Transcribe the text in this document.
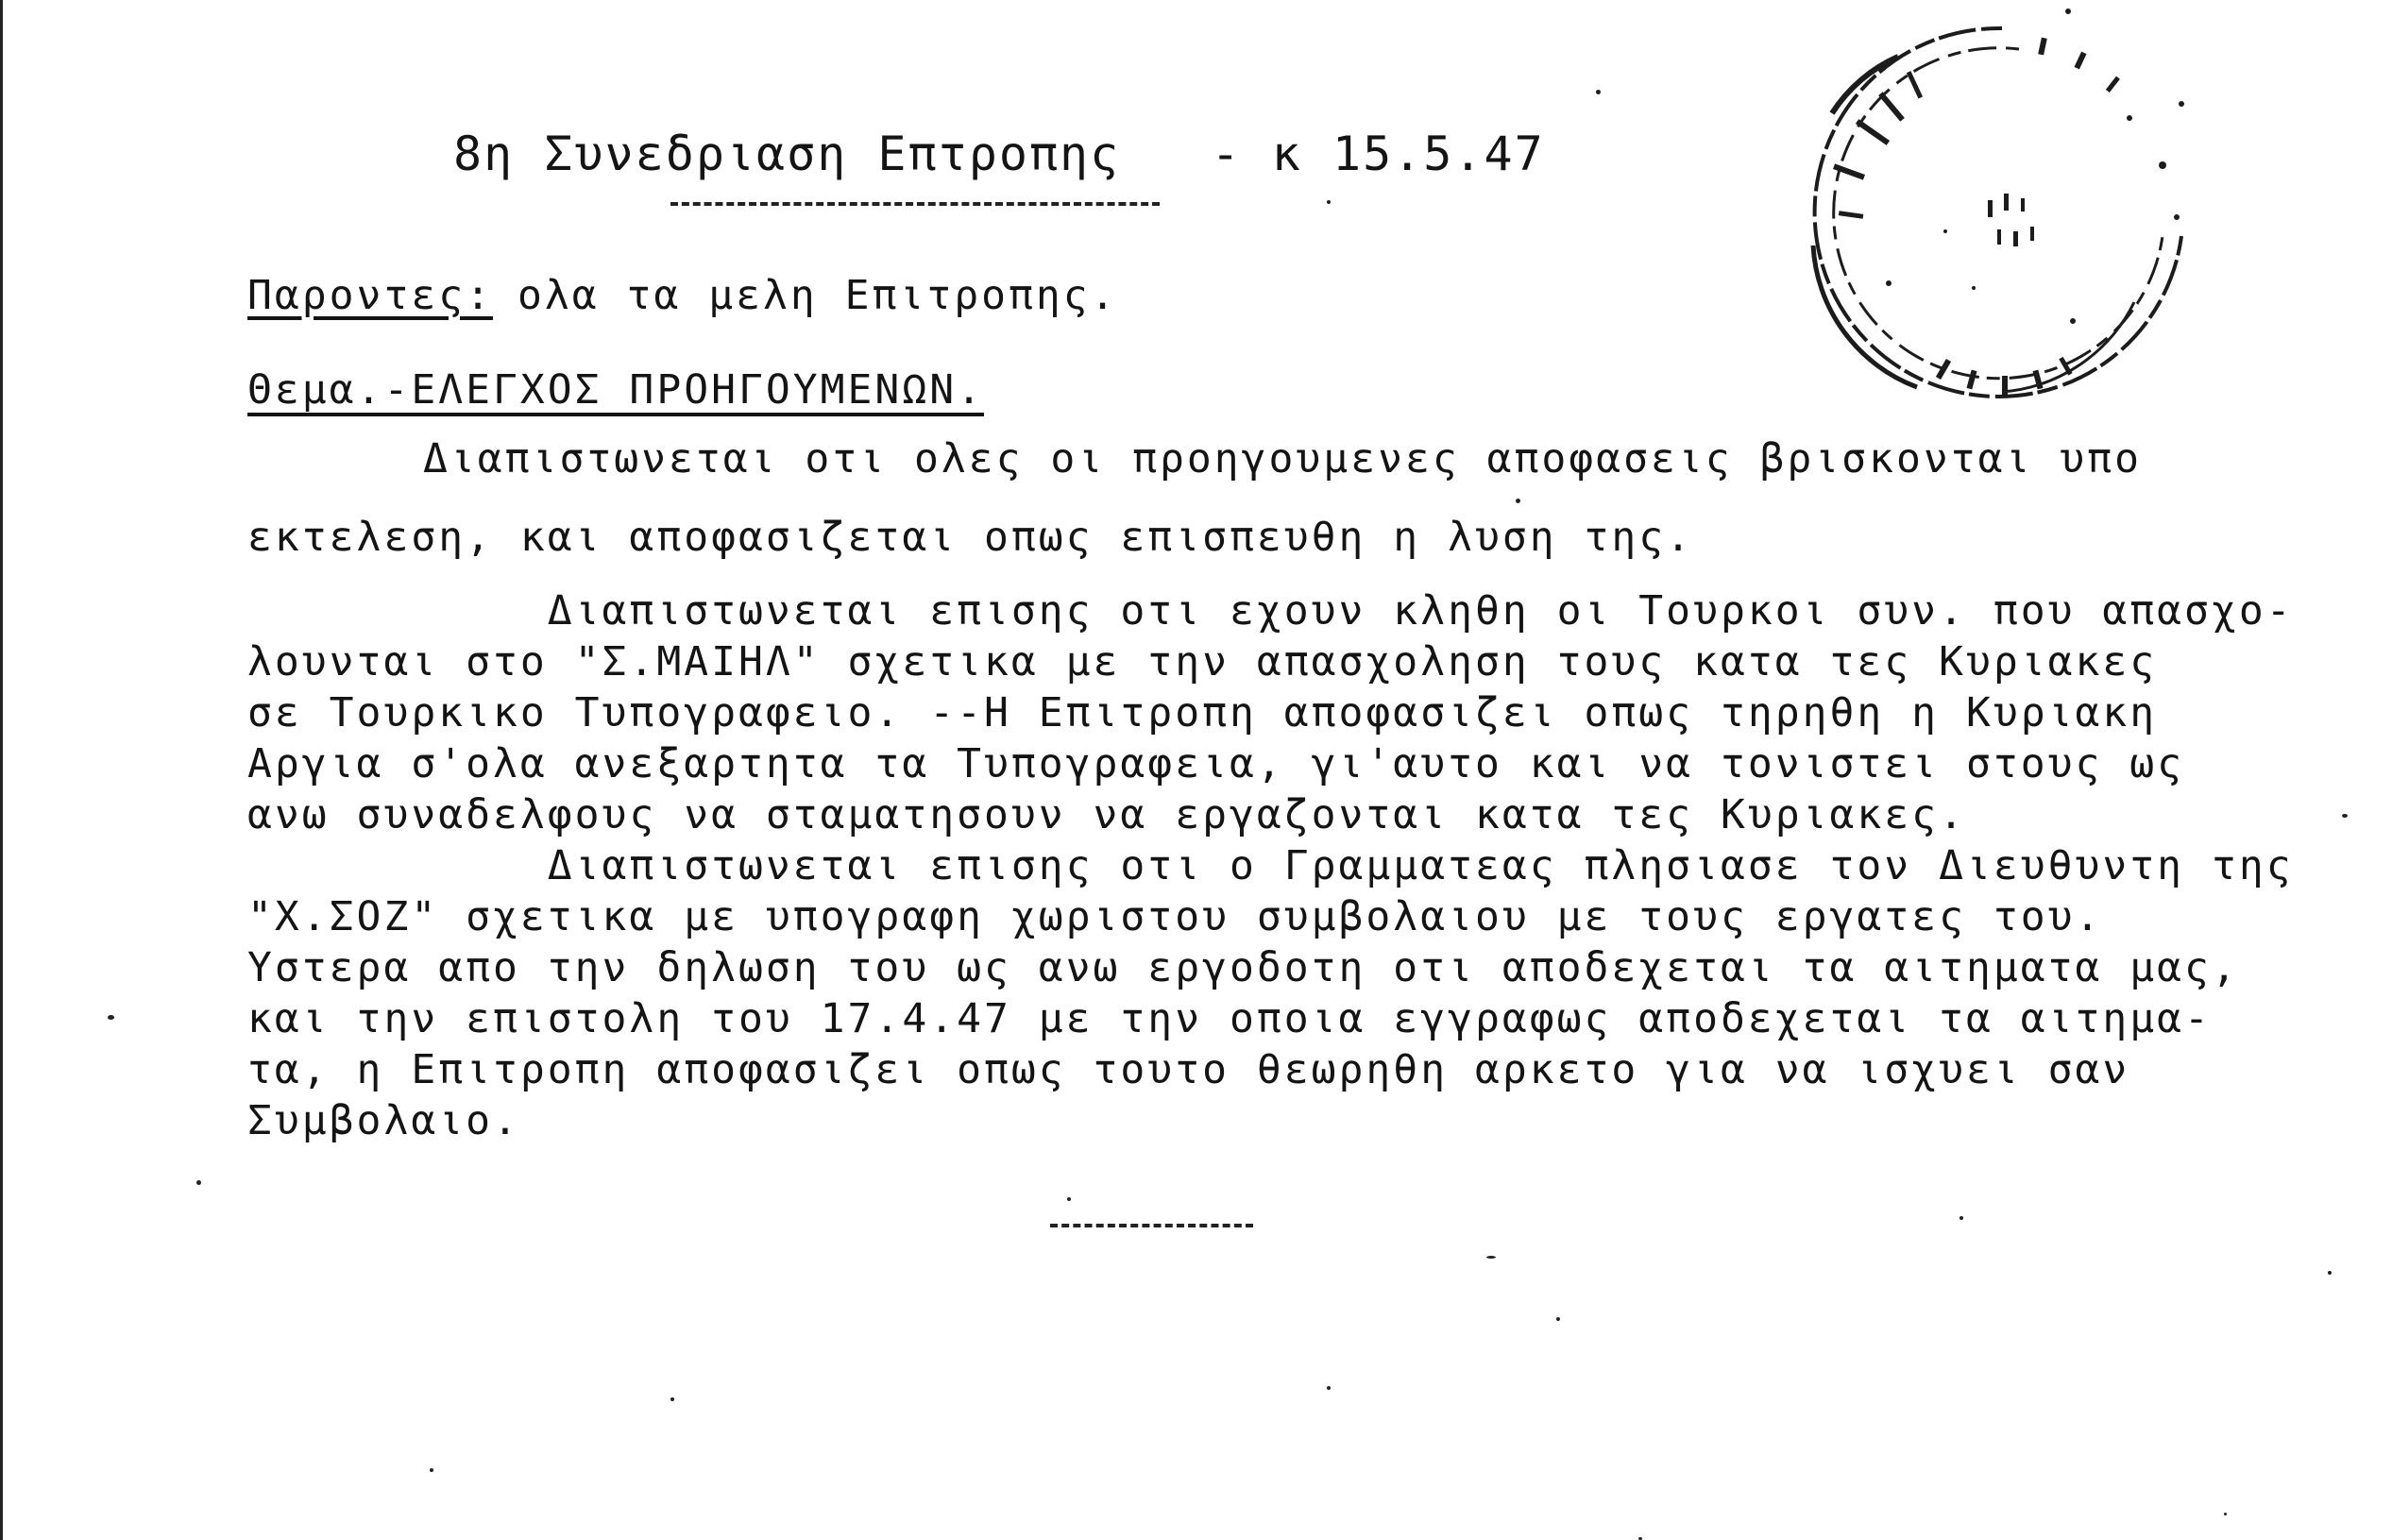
8η Συνεδριαση Επτροπης   - κ 15.5.47
Παροντες: ολα τα μελη Επιτροπης.
Θεμα.-ΕΛΕΓΧΟΣ ΠΡΟΗΓΟΥΜΕΝΩΝ.
Διαπιστωνεται οτι ολες οι προηγουμενες αποφασεις βρισκονται υπο
εκτελεση, και αποφασιζεται οπως επισπευθη η λυση της.
Διαπιστωνεται επισης οτι εχουν κληθη οι Τουρκοι συν. που απασχο-
λουνται στο "Σ.ΜΑΙΗΛ" σχετικα με την απασχοληση τους κατα τες Κυριακες
σε Τουρκικο Τυπογραφειο. --Η Επιτροπη αποφασιζει οπως τηρηθη η Κυριακη
Αργια σ'ολα ανεξαρτητα τα Τυπογραφεια, γι'αυτο και να τονιστει στους ως
ανω συναδελφους να σταματησουν να εργαζονται κατα τες Κυριακες.
Διαπιστωνεται επισης οτι ο Γραμματεας πλησιασε τον Διευθυντη της
"Χ.ΣΟΖ" σχετικα με υπογραφη χωριστου συμβολαιου με τους εργατες του.
Υστερα απο την δηλωση του ως ανω εργοδοτη οτι αποδεχεται τα αιτηματα μας,
και την επιστολη του 17.4.47 με την οποια εγγραφως αποδεχεται τα αιτημα-
τα, η Επιτροπη αποφασιζει οπως τουτο θεωρηθη αρκετο για να ισχυει σαν
Συμβολαιο.
